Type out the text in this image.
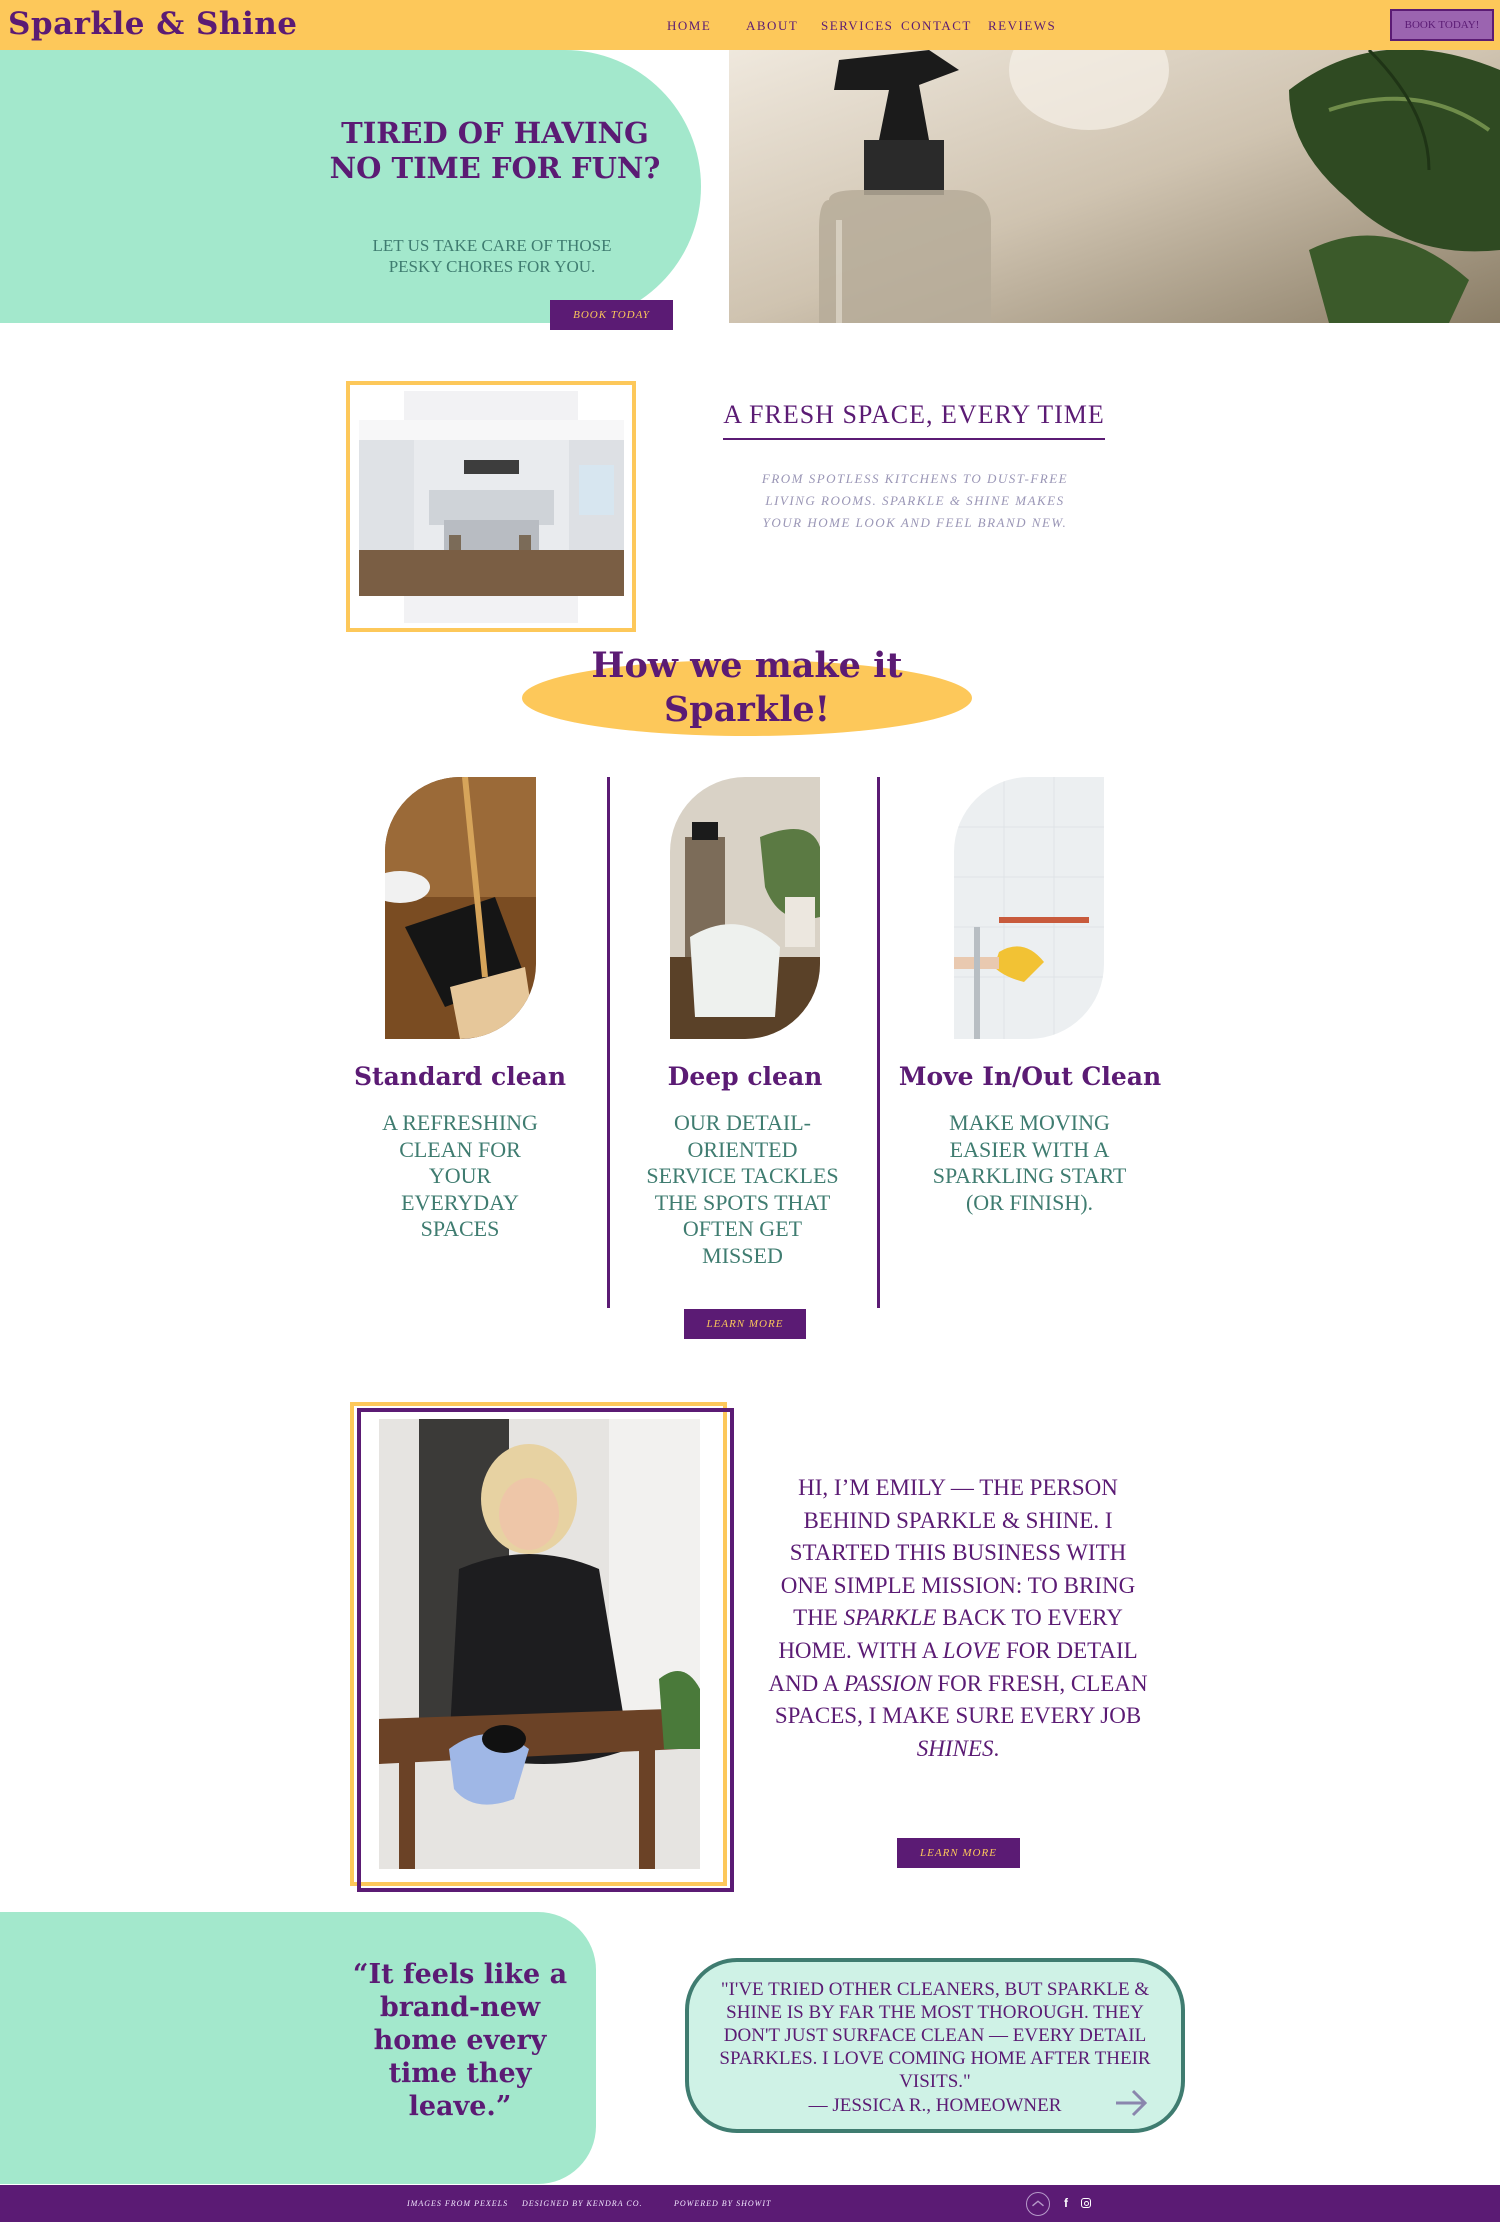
Sparkle & Shine	HOME	ABOUT SERVICES CONTACT REVIEWS	BOOK TODAY!
TIRED OF HAVING NO TIME FOR FUN?
LET US TAKE CARE OF THOSE PESKY CHORES FOR YOU.
BOOK TODAY
A FRESH SPACE, EVERY TIME
FROM SPOTLESS KITCHENS TO DUST-FREE LIVING ROOMS. SPARKLE & SHINE MAKES YOUR HOME LOOK AND FEEL BRAND NEW.
How we make it Sparkle!
Standard clean
A REFRESHING CLEAN FOR YOUR EVERYDAY SPACES
Deep clean
OUR DETAIL-ORIENTED SERVICE TACKLES THE SPOTS THAT OFTEN GET MISSED
Move In/Out Clean
MAKE MOVING EASIER WITH A SPARKLING START (OR FINISH).
LEARN MORE
HI, I’M EMILY — THE PERSON BEHIND SPARKLE & SHINE. I STARTED THIS BUSINESS WITH ONE SIMPLE MISSION: TO BRING THE SPARKLE BACK TO EVERY HOME. WITH A LOVE FOR DETAIL AND A PASSION FOR FRESH, CLEAN SPACES, I MAKE SURE EVERY JOB SHINES.
LEARN MORE
“It feels like a brand-new home every time they leave.”
"I'VE TRIED OTHER CLEANERS, BUT SPARKLE & SHINE IS BY FAR THE MOST THOROUGH. THEY DON'T JUST SURFACE CLEAN — EVERY DETAIL SPARKLES. I LOVE COMING HOME AFTER THEIR VISITS."
— JESSICA R., HOMEOWNER
IMAGES FROM PEXELS DESIGNED BY KENDRA CO.	POWERED BY SHOWIT	f
